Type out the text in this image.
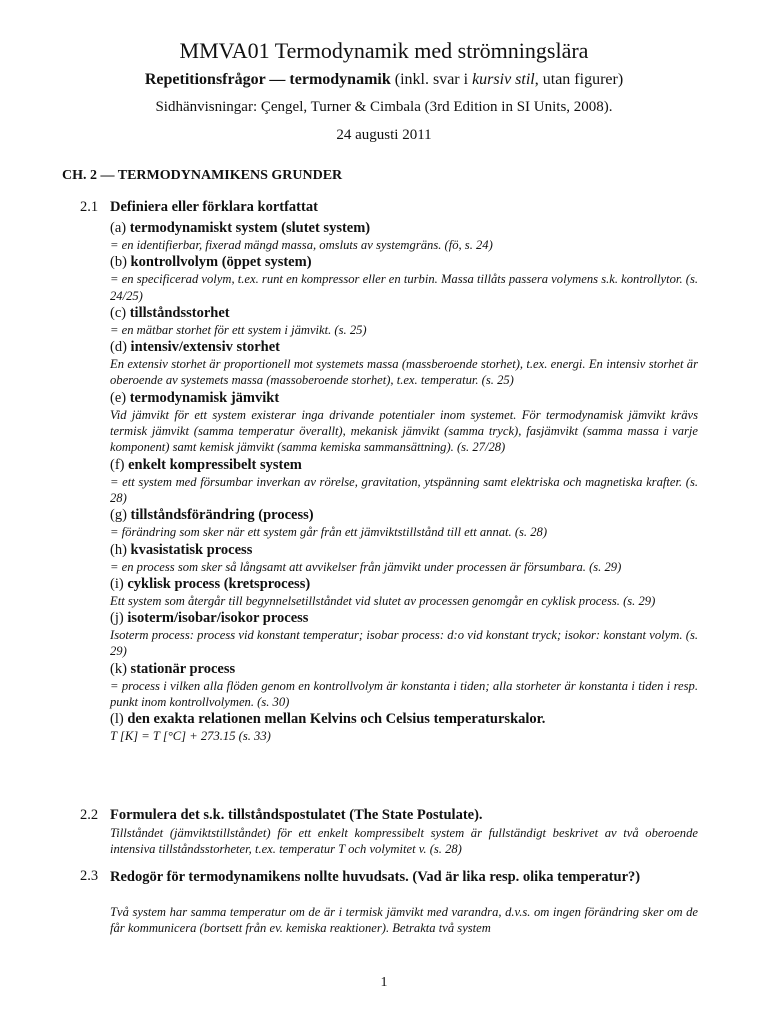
MMVA01 Termodynamik med strömningslära
Repetitionsfrågor — termodynamik (inkl. svar i kursiv stil, utan figurer)
Sidhänvisningar: Çengel, Turner & Cimbala (3rd Edition in SI Units, 2008).
24 augusti 2011
CH. 2 — TERMODYNAMIKENS GRUNDER
2.1 Definiera eller förklara kortfattat

(a) termodynamiskt system (slutet system)

= en identifierbar, fixerad mängd massa, omsluts av systemgräns. (fö, s. 24)

(b) kontrollvolym (öppet system)

= en specificerad volym, t.ex. runt en kompressor eller en turbin. Massa tillåts passera volymens s.k. kontrollytor. (s. 24/25)

(c) tillståndsstorhet

= en mätbar storhet för ett system i jämvikt. (s. 25)

(d) intensiv/extensiv storhet

En extensiv storhet är proportionell mot systemets massa (massberoende storhet), t.ex. energi. En intensiv storhet är oberoende av systemets massa (massoberoende storhet), t.ex. temperatur. (s. 25)

(e) termodynamisk jämvikt

Vid jämvikt för ett system existerar inga drivande potentialer inom systemet. För termodynamisk jämvikt krävs termisk jämvikt (samma temperatur överallt), mekanisk jämvikt (samma tryck), fasjämvikt (samma massa i varje komponent) samt kemisk jämvikt (samma kemiska sammansättning). (s. 27/28)

(f) enkelt kompressibelt system

= ett system med försumbar inverkan av rörelse, gravitation, ytspänning samt elektriska och magnetiska krafter. (s. 28)

(g) tillståndsförändring (process)

= förändring som sker när ett system går från ett jämviktstillstånd till ett annat. (s. 28)

(h) kvasistatisk process

= en process som sker så långsamt att avvikelser från jämvikt under processen är försumbara. (s. 29)

(i) cyklisk process (kretsprocess)

Ett system som återgår till begynnelsetillståndet vid slutet av processen genomgår en cyklisk process. (s. 29)

(j) isoterm/isobar/isokor process

Isoterm process: process vid konstant temperatur; isobar process: d:o vid konstant tryck; isokor: konstant volym. (s. 29)

(k) stationär process

= process i vilken alla flöden genom en kontrollvolym är konstanta i tiden; alla storheter är konstanta i tiden i resp. punkt inom kontrollvolymen. (s. 30)

(l) den exakta relationen mellan Kelvins och Celsius temperaturskalor.

T [K] = T [°C] + 273.15 (s. 33)

2.2 Formulera det s.k. tillståndspostulatet (The State Postulate).
Tillståndet (jämviktstillståndet) för ett enkelt kompressibelt system är fullständigt beskrivet av två oberoende intensiva tillståndsstorheter, t.ex. temperatur T och volymitet v. (s. 28)
2.3 Redogör för termodynamikens nollte huvudsats. (Vad är lika resp. olika temperatur?)
Två system har samma temperatur om de är i termisk jämvikt med varandra, d.v.s. om ingen förändring sker om de får kommunicera (bortsett från ev. kemiska reaktioner). Betrakta två system
1
